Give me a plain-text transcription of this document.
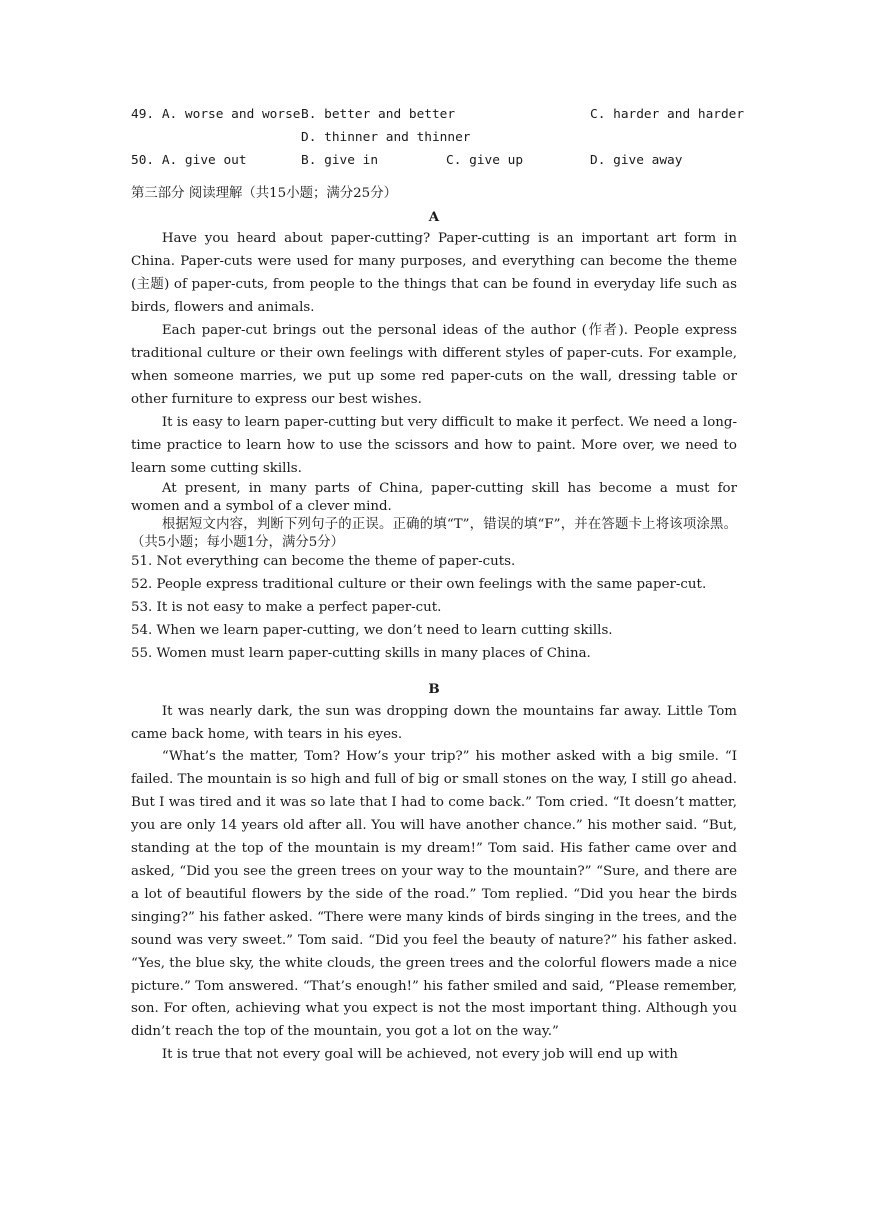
49. A. worse and worse B. better and better	C. harder and harder
D. thinner and thinner
50. A. give out	B. give in	C. give up	D. give away
第三部分 阅读理解（共15小题；满分25分）
A

Have you heard about paper-cutting? Paper-cutting is an important art form in China. Paper-cuts were used for many purposes, and everything can become the theme (主题) of paper-cuts, from people to the things that can be found in everyday life such as birds, flowers and animals.

Each paper-cut brings out the personal ideas of the author (作者). People express traditional culture or their own feelings with different styles of paper-cuts. For example, when someone marries, we put up some red paper-cuts on the wall, dressing table or other furniture to express our best wishes.

It is easy to learn paper-cutting but very difficult to make it perfect. We need a long-time practice to learn how to use the scissors and how to paint. More over, we need to learn some cutting skills.

At present, in many parts of China, paper-cutting skill has become a must for women and a symbol of a clever mind.

根据短文内容，判断下列句子的正误。正确的填“T”，错误的填“F”，并在答题卡上将该项涂黑。（共5小题；每小题1分，满分5分）

51. Not everything can become the theme of paper-cuts.
52. People express traditional culture or their own feelings with the same paper-cut.
53. It is not easy to make a perfect paper-cut.
54. When we learn paper-cutting, we don’t need to learn cutting skills.
55. Women must learn paper-cutting skills in many places of China.
B

It was nearly dark, the sun was dropping down the mountains far away. Little Tom came back home, with tears in his eyes.

“What’s the matter, Tom? How’s your trip?” his mother asked with a big smile. “I failed. The mountain is so high and full of big or small stones on the way, I still go ahead. But I was tired and it was so late that I had to come back.” Tom cried. “It doesn’t matter, you are only 14 years old after all. You will have another chance.” his mother said. “But, standing at the top of the mountain is my dream!” Tom said. His father came over and asked, “Did you see the green trees on your way to the mountain?” “Sure, and there are a lot of beautiful flowers by the side of the road.” Tom replied. “Did you hear the birds singing?” his father asked. “There were many kinds of birds singing in the trees, and the sound was very sweet.” Tom said. “Did you feel the beauty of nature?” his father asked. “Yes, the blue sky, the white clouds, the green trees and the colorful flowers made a nice picture.” Tom answered. “That’s enough!” his father smiled and said, “Please remember, son. For often, achieving what you expect is not the most important thing. Although you didn’t reach the top of the mountain, you got a lot on the way.”

It is true that not every goal will be achieved, not every job will end up with
